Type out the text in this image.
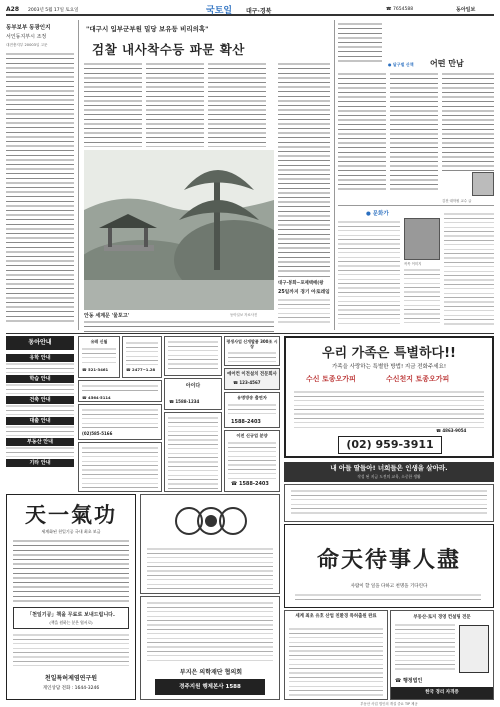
A28 2003년 5월 17일 토요일	국토일 대구·경북	☎ 7654588	동아일보
동부보부 동광인지
서인동지부시 조정
대전충지부 20003일 고문
"대구시 입부군부원 밀당 보유등 비리의혹"
검찰 내사착수등 파문 확산
안동 세계문 '물포고'	동아일보 자료사진
대구·봉화~포제택배(왕
25일까지 경기 아로레임
● 달구벌 산책 어떤 만남
김천·대학원 교수 글
● 문화가
작목 이미지
동아안내
유학 안내
학습 안내
건축 안내
대출 안내
부동산 안내
기타 안내
유레 신월
☎ 521-3461	☎ 2477~1.28
☎ 4564·5114
(02)585-5166
아이다
☎ 1588-1234
평생사업 신개발품 300조 시장
에어컨 이전설치 전문회사
☎ 123-4567
유명방송 출연자
1588-2403
이전 신규업 분양
☎ 1588-2403
우리 가족은 특별하다!!
가족을 사랑하는 특별한 방법! 지금 전화주세요!
수신 토종오가피	수신천지 토종오가피
☎ 4863-9054
(02) 959-3911
天一氣功
세계화된 천일기공 국내 최초 보급
「천일기공」책을 무료로 보내드립니다.
(책을 원하는 분은 엽서로)
천일특허제염연구원
게인상담 전화 : 1644-3246
부지은 의학재단 협의회
경주지원 행제본사 1588
내 아들 딸들아! 너희들은 인생을 살아라.
작성 된 지금 도전의 교육, 소중한 생활
命天待事人盡
사람이 할 일을 다하고 천명을 기다린다
세계 최초 유호 산업 친환경 특허출원 완료	부동산·토지 경영 컨설팅 전문
☎ 행정법인
한국 경리 자격증
부동산 사업 법인의 개설 중요 TIP 제공
